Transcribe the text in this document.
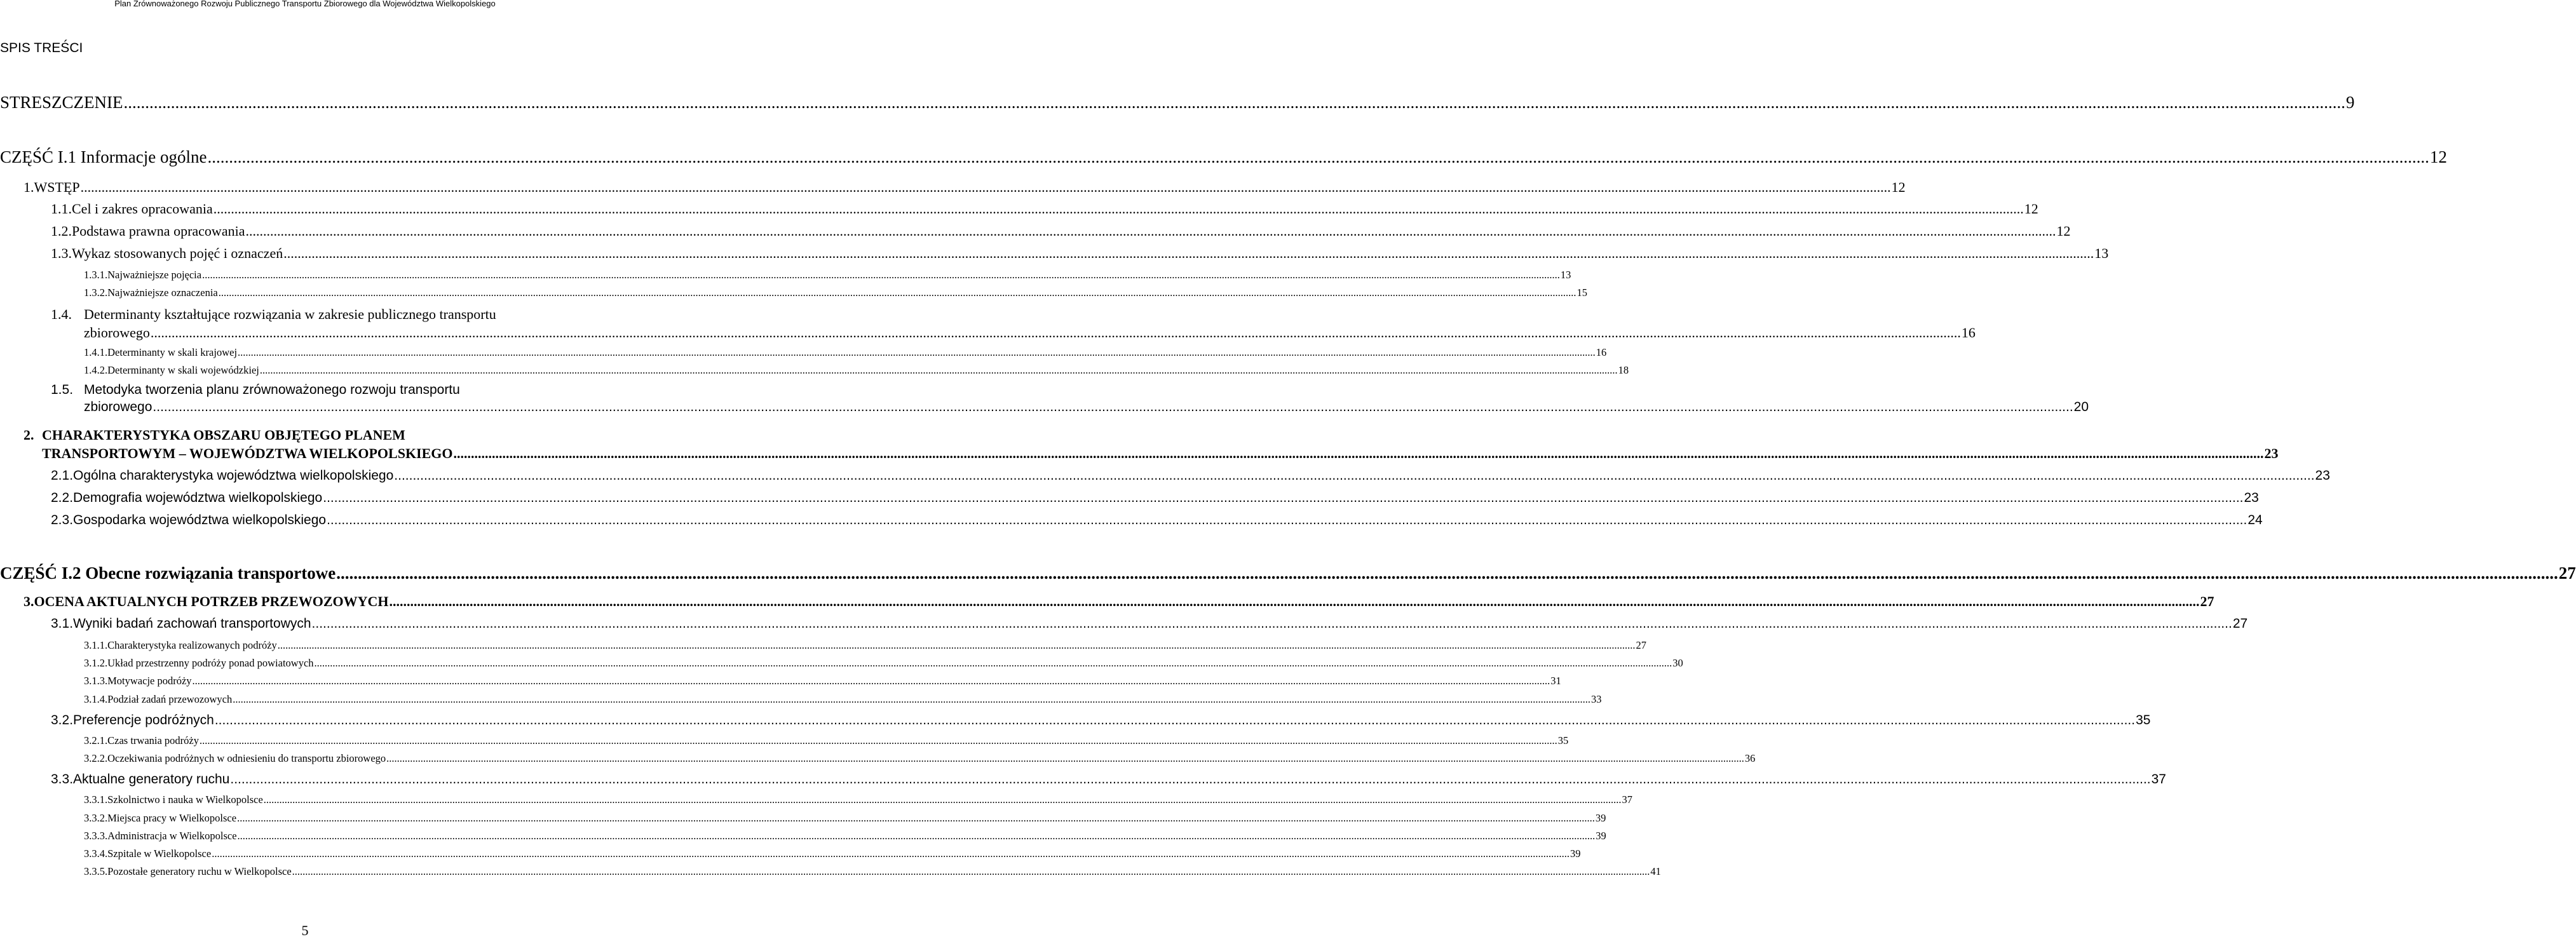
Plan Zrównoważonego Rozwoju Publicznego Transportu Zbiorowego dla Województwa Wielkopolskiego
SPIS TREŚCI
STRESZCZENIE .....	9
CZĘŚĆ I.1 Informacje ogólne .....	12
1. WSTĘP .....	12
1.1. Cel i zakres opracowania .....	12
1.2. Podstawa prawna opracowania .....	12
1.3. Wykaz stosowanych pojęć i oznaczeń .....	13
1.3.1. Najważniejsze pojęcia .....	13
1.3.2. Najważniejsze oznaczenia .....	15
1.4. Determinanty kształtujące rozwiązania w zakresie publicznego transportu
zbiorowego .....	16
1.4.1. Determinanty w skali krajowej .....	16
1.4.2. Determinanty w skali wojewódzkiej .....	18
1.5. Metodyka tworzenia planu zrównoważonego rozwoju transportu
zbiorowego .....	20
2. CHARAKTERYSTYKA OBSZARU OBJĘTEGO PLANEM
TRANSPORTOWYM – WOJEWÓDZTWA WIELKOPOLSKIEGO .....	23
2.1. Ogólna charakterystyka województwa wielkopolskiego .....	23
2.2. Demografia województwa wielkopolskiego .....	23
2.3. Gospodarka województwa wielkopolskiego .....	24
CZĘŚĆ I.2 Obecne rozwiązania transportowe .....	27
3. OCENA AKTUALNYCH POTRZEB PRZEWOZOWYCH .....	27
3.1. Wyniki badań zachowań transportowych .....	27
3.1.1. Charakterystyka realizowanych podróży .....	27
3.1.2. Układ przestrzenny podróży ponad powiatowych .....	30
3.1.3. Motywacje podróży .....	31
3.1.4. Podział zadań przewozowych .....	33
3.2. Preferencje podróżnych .....	35
3.2.1. Czas trwania podróży .....	35
3.2.2. Oczekiwania podróżnych w odniesieniu do transportu zbiorowego .....	36
3.3. Aktualne generatory ruchu .....	37
3.3.1. Szkolnictwo i nauka w Wielkopolsce .....	37
3.3.2. Miejsca pracy w Wielkopolsce .....	39
3.3.3. Administracja w Wielkopolsce .....	39
3.3.4. Szpitale w Wielkopolsce .....	39
3.3.5. Pozostałe generatory ruchu w Wielkopolsce .....	41
5
